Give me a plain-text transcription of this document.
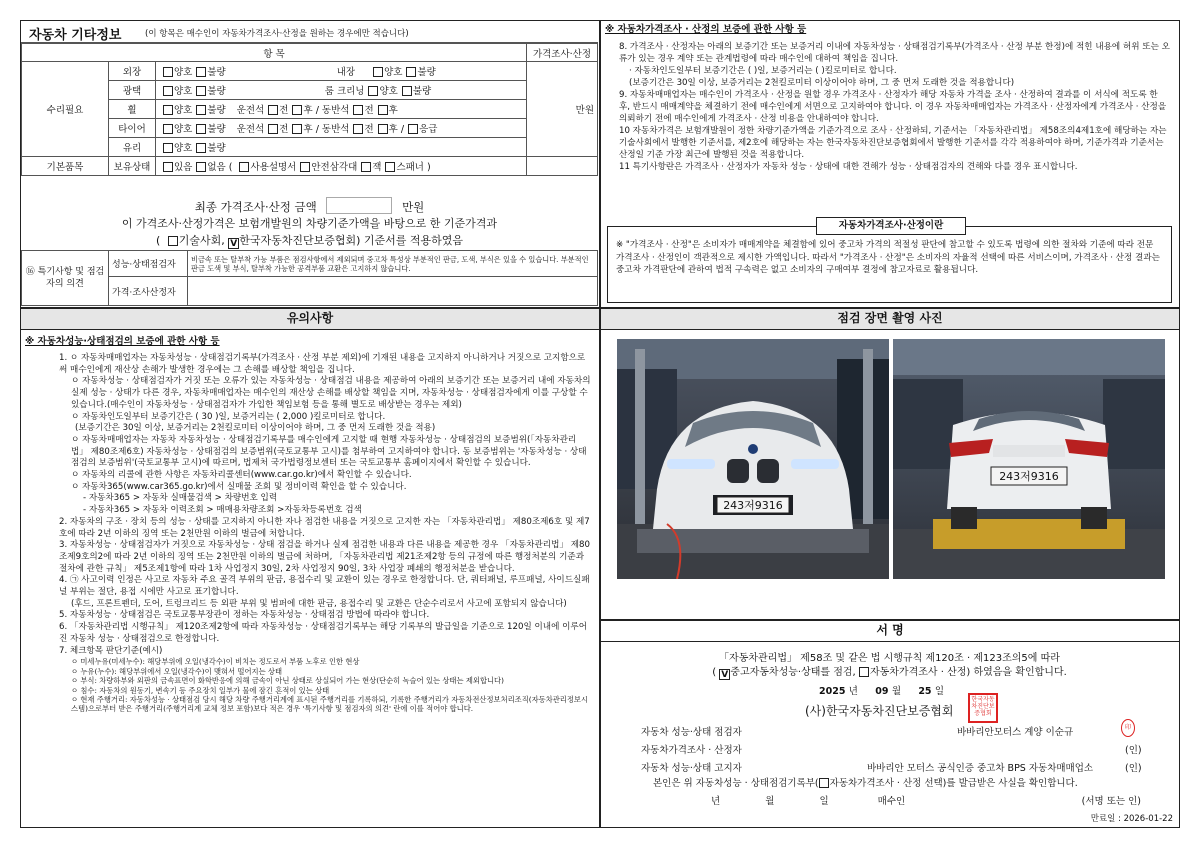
자동차 기타정보	(이 항목은 매수인이 자동차가격조사·산정을 원하는 경우에만 적습니다)
항 목			가격조사·산정
수리필요	외장	양호 불량 내장 양호 불량	만원
	광택	양호 불량 룸 크리닝 양호 불량	
	휠	양호 불량 운전석 전 후 / 동반석 전 후	
	타이어	양호 불량 운전석 전 후 / 동반석 전 후 / 응급	
	유리	양호 불량	
기본품목	보유상태	있음 없음 ( 사용설명서 안전삼각대 잭 스패너 )	
최종 가격조사·산정 금액	만원
이 가격조사·산정가격은 보험개발원의 차량기준가액을 바탕으로 한 기준가격과
( 기술사회, V 한국자동차진단보증협회) 기준서를 적용하였음
⑯ 특기사항 및 점검자의 의견	성능·상태점검자	비금속 또는 탈부착 가능 부품은 점검사항에서 제외되며 중고차 특성상 부분적인 판금, 도색, 부식은 있을 수 있습니다. 부분적인 판금 도색 및 부식, 탈부착 가능한 공격부품 교환은 고지하지 않습니다.
	가격·조사산정자	
※ 자동차가격조사 · 산정의 보증에 관한 사항 등

8. 가격조사 · 산정자는 아래의 보증기간 또는 보증거리 이내에 자동차성능 · 상태점검기록부(가격조사 · 산정 부분 한정)에 적힌 내용에 허위 또는 오류가 있는 경우 계약 또는 관계법령에 따라 매수인에 대하여 책임을 집니다.

· 자동차인도일부터 보증기간은 ( )일, 보증거리는 ( )킬로미터로 합니다.

(보증기간은 30일 이상, 보증거리는 2천킬로미터 이상이어야 하며, 그 중 먼저 도래한 것을 적용합니다)

9. 자동차매매업자는 매수인이 가격조사 · 산정을 원할 경우 가격조사 · 산정자가 해당 자동차 가격을 조사 · 산정하여 결과를 이 서식에 적도록 한 후, 반드시 매매계약을 체결하기 전에 매수인에게 서면으로 고지하여야 합니다. 이 경우 자동차매매업자는 가격조사 · 산정자에게 가격조사 · 산정을 의뢰하기 전에 매수인에게 가격조사 · 산정 비용을 안내하여야 합니다.

10 자동차가격은 보험개발원이 정한 차량기준가액을 기준가격으로 조사 · 산정하되, 기준서는 「자동차관리법」 제58조의4제1호에 해당하는 자는 기술사회에서 발행한 기준서를, 제2호에 해당하는 자는 한국자동차진단보증협회에서 발행한 기준서를 각각 적용하여야 하며, 기준가격과 기준서는 산정일 기준 가장 최근에 발행된 것을 적용합니다.

11 특기사항란은 가격조사 · 산정자가 자동차 성능 · 상태에 대한 견해가 성능 · 상태점검자의 견해와 다를 경우 표시합니다.

자동차가격조사·산정이란
※ "가격조사 · 산정"은 소비자가 매매계약을 체결함에 있어 중고차 가격의 적절성 판단에 참고할 수 있도록 법령에 의한 절차와 기준에 따라 전문 가격조사 · 산정인이 객관적으로 제시한 가액입니다. 따라서 "가격조사 · 산정"은 소비자의 자율적 선택에 따른 서비스이며, 가격조사 · 산정 결과는 중고차 가격판단에 관하여 법적 구속력은 없고 소비자의 구매여부 결정에 참고자료로 활용됩니다.
유의사항
※ 자동차성능·상태점검의 보증에 관한 사항 등

1. ㅇ 자동차매매업자는 자동차성능 · 상태점검기록부(가격조사 · 산정 부분 제외)에 기재된 내용을 고지하지 아니하거나 거짓으로 고지함으로써 매수인에게 재산상 손해가 발생한 경우에는 그 손해를 배상할 책임을 집니다.

ㅇ 자동차성능 · 상태점검자가 거짓 또는 오류가 있는 자동차성능 · 상태점검 내용을 제공하여 아래의 보증기간 또는 보증거리 내에 자동차의 실제 성능 · 상태가 다른 경우, 자동차매매업자는 매수인의 재산상 손해를 배상할 책임을 지며, 자동차성능 · 상태점검자에게 이를 구상할 수 있습니다.(매수인이 자동차성능 · 상태점검자가 가입한 책임보험 등을 통해 별도로 배상받는 경우는 제외)

ㅇ 자동차인도일부터 보증기간은 ( 30 )일, 보증거리는 ( 2,000 )킬로미터로 합니다.

(보증기간은 30일 이상, 보증거리는 2천킬로미터 이상이어야 하며, 그 중 먼저 도래한 것을 적용)

ㅇ 자동차매매업자는 자동차 자동차성능 · 상태점검기록부를 매수인에게 고지할 때 현행 자동차성능 · 상태점검의 보증범위(「자동차관리법」 제80조제6호) 자동차성능 · 상태점검의 보증범위(국토교통부 고시)를 첨부하여 고지하여야 합니다. 동 보증범위는 '자동차성능 · 상태점검의 보증범위'(국토교통부 고시)에 따르며, 법제처 국가법령정보센터 또는 국토교통부 홈페이지에서 확인할 수 있습니다.

ㅇ 자동차의 리콜에 관한 사항은 자동차리콜센터(www.car.go.kr)에서 확인할 수 있습니다.

ㅇ 자동차365(www.car365.go.kr)에서 실매물 조회 및 정비이력 확인을 할 수 있습니다.

- 자동차365 > 자동차 실매물검색 > 차량번호 입력

- 자동차365 > 자동차 이력조회 > 매매용차량조회 >자동차등록번호 검색

2. 자동차의 구조 · 장치 등의 성능 · 상태를 고지하지 아니한 자나 점검한 내용을 거짓으로 고지한 자는 「자동차관리법」 제80조제6호 및 제7호에 따라 2년 이하의 징역 또는 2천만원 이하의 벌금에 처합니다.

3. 자동차성능 · 상태점검자가 거짓으로 자동차성능 · 상태 점검을 하거나 실제 점검한 내용과 다른 내용을 제공한 경우 「자동차관리법」 제80조제9호의2에 따라 2년 이하의 징역 또는 2천만원 이하의 벌금에 처하며, 「자동차관리법 제21조제2항 등의 규정에 따른 행정처분의 기준과 절차에 관한 규칙」 제5조제1항에 따라 1차 사업정지 30일, 2차 사업정지 90일, 3차 사업장 폐쇄의 행정처분을 받습니다.

4. ㉠ 사고이력 인정은 사고로 자동차 주요 골격 부위의 판금, 용접수리 및 교환이 있는 경우로 한정합니다. 단, 쿼터패널, 루프패널, 사이드실패널 부위는 절단, 용접 시에만 사고로 표기합니다.

(후드, 프론트펜더, 도어, 트렁크리드 등 외판 부위 및 범퍼에 대한 판금, 용접수리 및 교환은 단순수리로서 사고에 포함되지 않습니다)

5. 자동차성능 · 상태점검은 국토교통부장관이 정하는 자동차성능 · 상태점검 방법에 따라야 합니다.

6. 「자동차관리법 시행규칙」 제120조제2항에 따라 자동차성능 · 상태점검기록부는 해당 기록부의 발급일을 기준으로 120일 이내에 이루어진 자동차 성능 · 상태점검으로 한정합니다.

7. 체크항목 판단기준(예시)

ㅇ 미세누유(미세누수): 해당부위에 오일(냉각수)이 비치는 정도로서 부품 노후로 인한 현상

ㅇ 누유(누수): 해당부위에서 오일(냉각수)이 맺혀서 떨어지는 상태

ㅇ 부식: 차량하부와 외판의 금속표면이 화학반응에 의해 금속이 아닌 상태로 상실되어 가는 현상(단순히 녹슬어 있는 상태는 제외합니다)

ㅇ 침수: 자동차의 원동기, 변속기 등 주요장치 일부가 물에 잠긴 흔적이 있는 상태

ㅇ 현재 주행거리: 자동차성능 · 상태점검 당시 해당 차량 주행거리계에 표시된 주행거리를 기록하되, 기록한 주행거리가 자동차전산정보처리조직(자동차관리정보시스템)으로부터 받은 주행거리(주행거리계 교체 정보 포함)보다 적은 경우 '특기사항 및 점검자의 의견' 란에 이를 적어야 합니다.

점검 장면 촬영 사진
243저9316
243저9316
서 명
「자동차관리법」 제58조 및 같은 법 시행규칙 제120조 · 제123조의5에 따라
( V 중고자동차성능·상태를 점검, 자동차가격조사 · 산정) 하였음을 확인합니다.
2025 년 09 월 25 일
(사)한국자동차진단보증협회
한국자동차진단보증협회
자동차 성능·상태 점검자	바바리안모터스 계양 이순규	印
자동차가격조사 · 산정자	(인)
자동차 성능·상태 고지자	바바리안 모터스 공식인증 중고차 BPS 자동차매매업소	(인)
본인은 위 자동차성능 · 상태점검기록부( 자동차가격조사 · 산정 선택)를 발급받은 사실을 확인합니다.
년	월	일	매수인	(서명 또는 인)
만료일 : 2026-01-22
